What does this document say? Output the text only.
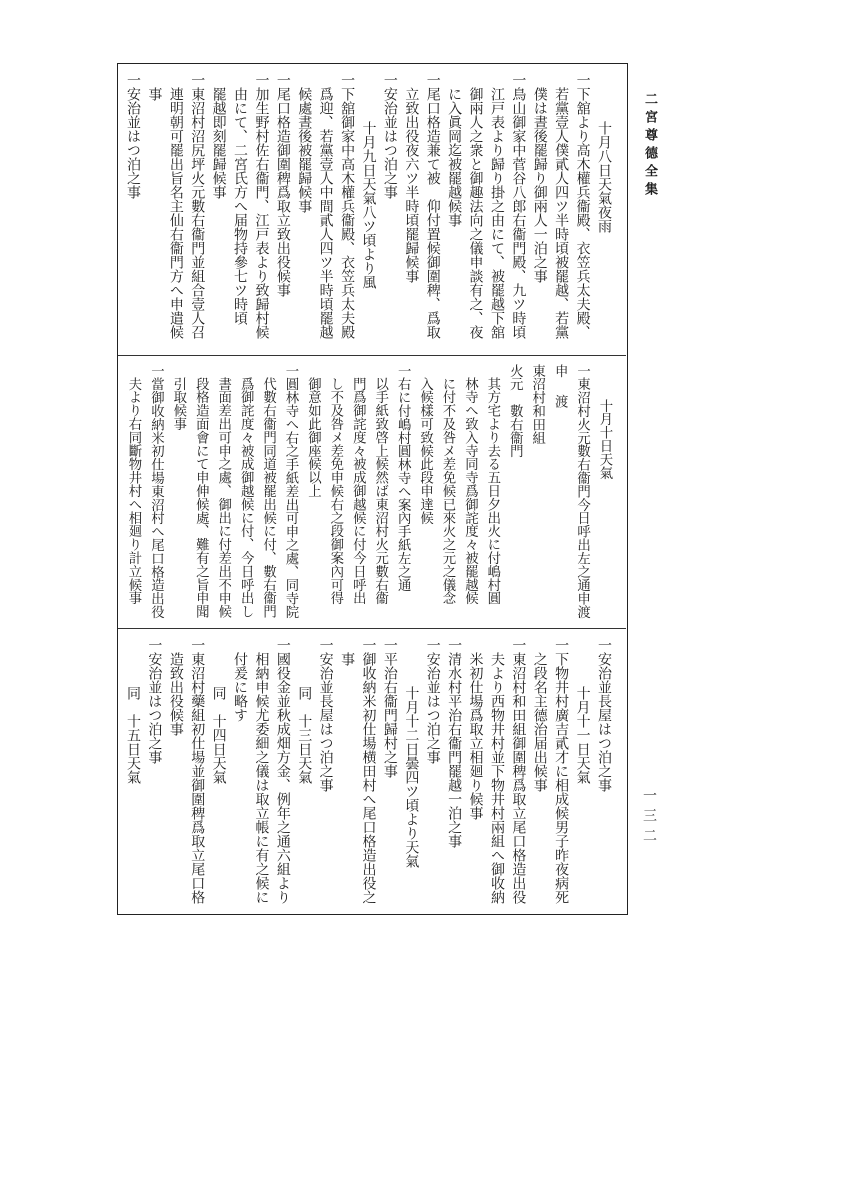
二宮尊德全集
一三二
十月八日天氣夜雨
一下舘より高木權兵衞殿、衣笠兵太夫殿、
若黨壹人僕貳人四ツ半時頃被罷越、若黨
僕は晝後罷歸り御兩人一泊之事
一鳥山御家中菅谷八郎右衞門殿、九ツ時頃
江戸表より歸り掛之由にて、被罷越下舘
御兩人之衆と御趣法向之儀申談有之、夜
に入眞岡迄被罷越候事
一尾口格造兼て被　仰付置候御圍稗、爲取
立致出役夜六ツ半時頃罷歸候事
一安治並はつ泊之事
十月九日天氣八ツ頃より風
一下舘御家中高木權兵衞殿、衣笠兵太夫殿
爲迎、若黨壹人中間貳人四ツ半時頃罷越
候處晝後被罷歸候事
一尾口格造御圍稗爲取立致出役候事
一加生野村佐右衞門、江戸表より致歸村候
由にて、二宮氏方へ届物持參七ツ時頃
罷越即刻罷歸候事
一東沼村沼尻坪火元數右衞門並組合壹人召
連明朝可罷出旨名主仙右衞門方へ申遣候
事
一安治並はつ泊之事
十月十日天氣
一東沼村火元數右衞門今日呼出左之通申渡
申　渡
東沼村和田組
火元　數右衞門
其方宅より去る五日夕出火に付嶋村圓
林寺へ致入寺同寺爲御詫度々被罷越候
に付不及咎メ差免候已來火之元之儀念
入候樣可致候此段申達候
一右に付嶋村圓林寺へ案內手紙左之通
以手紙致啓上候然ば東沼村火元數右衞
門爲御詫度々被成御越候に付今日呼出
し不及咎メ差免申候右之段御案內可得
御意如此御座候以上
一圓林寺へ右之手紙差出可申之處、同寺院
代數右衞門同道被罷出候に付、數右衞門
爲御詫度々被成御越候に付、今日呼出し
書面差出可申之處、御出に付差出不申候
段格造面會にて申伸候處、難有之旨申聞
引取候事
一當御收納米初仕場東沼村へ尾口格造出役
夫より右同斷物井村へ相廻り計立候事
一安治並長屋はつ泊之事
十月十一日天氣
一下物井村廣吉貳才に相成候男子昨夜病死
之段名主德治届出候事
一東沼村和田組御圍稗爲取立尾口格造出役
夫より西物井村並下物井村兩組へ御收納
米初仕場爲取立相廻り候事
一清水村平治右衞門罷越一泊之事
一安治並はつ泊之事
十月十二日曇四ツ頃より天氣
一平治右衞門歸村之事
一御收納米初仕場横田村へ尾口格造出役之
事
一安治並長屋はつ泊之事
同　十三日天氣
一國役金並秋成畑方金、例年之通六組より
相納申候尤委細之儀は取立帳に有之候に
付爰に略す
同　十四日天氣
一東沼村藥組初仕場並御圍稗爲取立尾口格
造致出役候事
一安治並はつ泊之事
同　十五日天氣
